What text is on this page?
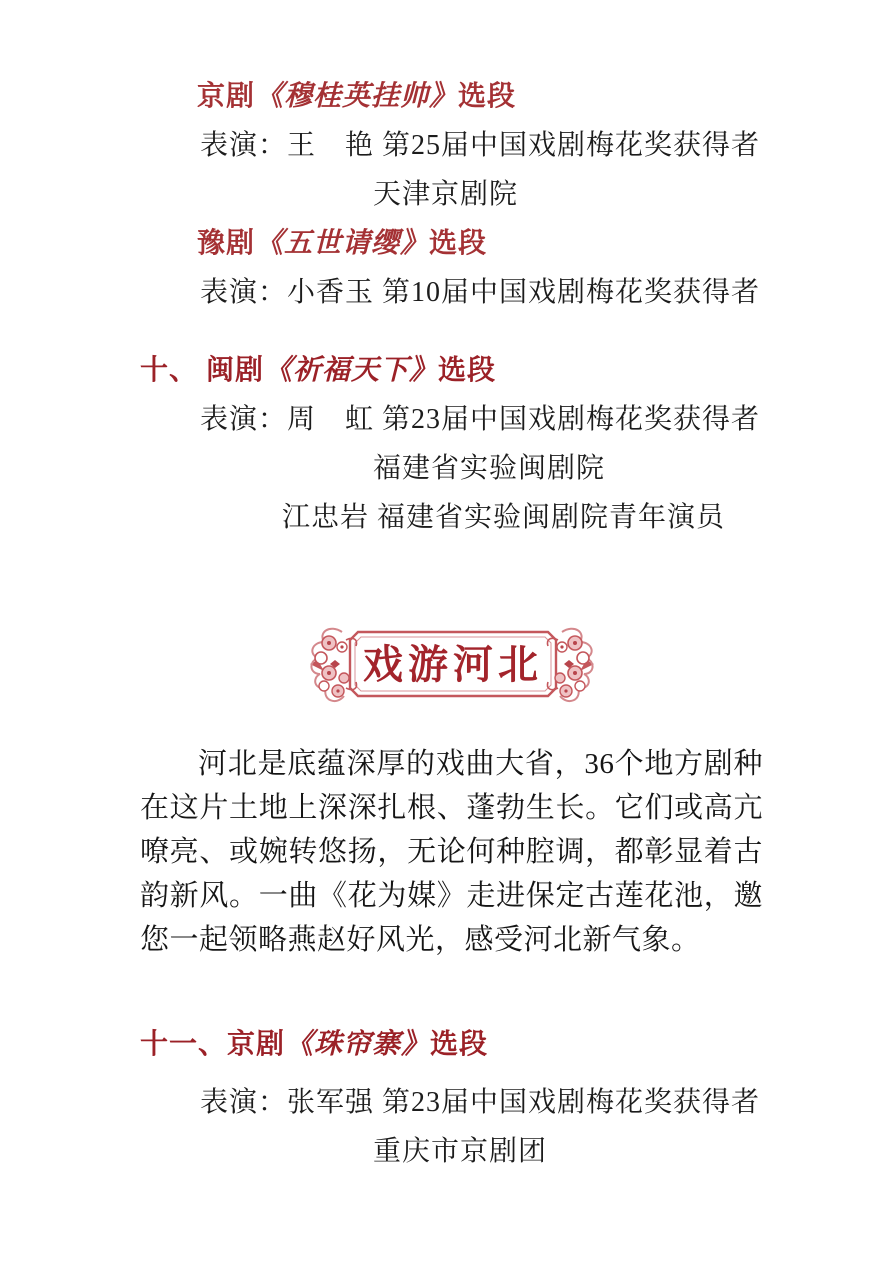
京剧《穆桂英挂帅》选段
表演：王　艳 第25届中国戏剧梅花奖获得者
天津京剧院
豫剧《五世请缨》选段
表演：小香玉 第10届中国戏剧梅花奖获得者
十、 闽剧《祈福天下》选段
表演：周　虹 第23届中国戏剧梅花奖获得者
福建省实验闽剧院
江忠岩 福建省实验闽剧院青年演员
戏游河北
河北是底蕴深厚的戏曲大省，36个地方剧种在这片土地上深深扎根、蓬勃生长。它们或高亢嘹亮、或婉转悠扬，无论何种腔调，都彰显着古韵新风。一曲《花为媒》走进保定古莲花池，邀您一起领略燕赵好风光，感受河北新气象。
十一、京剧《珠帘寨》选段
表演：张军强 第23届中国戏剧梅花奖获得者
重庆市京剧团
